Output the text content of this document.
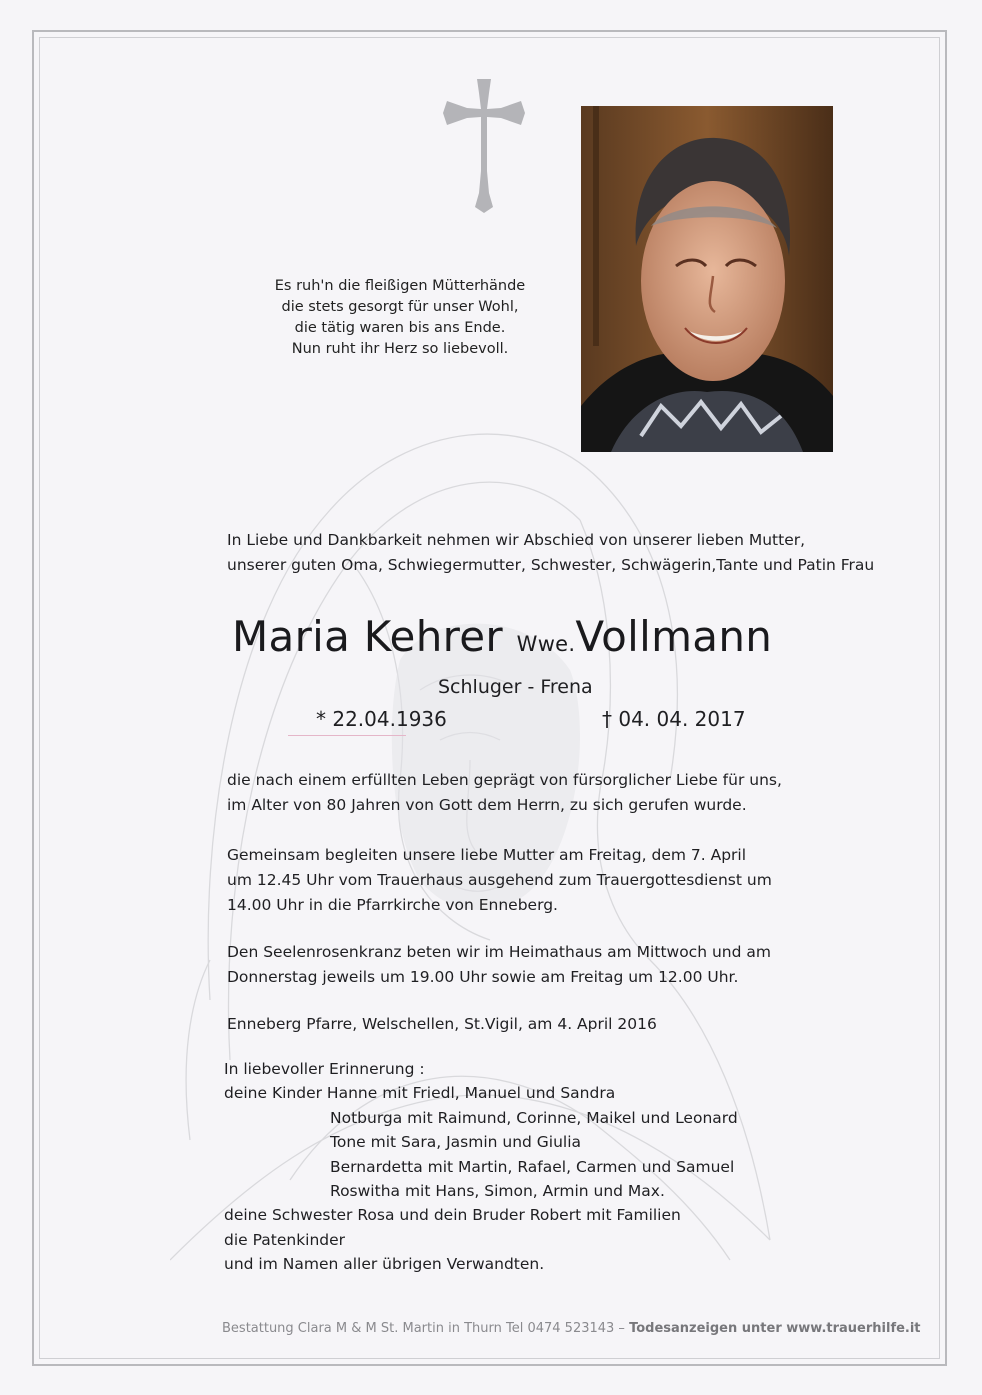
Es ruh'n die fleißigen Mütterhände
die stets gesorgt für unser Wohl,
die tätig waren bis ans Ende.
Nun ruht ihr Herz so liebevoll.
In Liebe und Dankbarkeit nehmen wir Abschied von unserer lieben Mutter,
unserer guten Oma, Schwiegermutter, Schwester, Schwägerin,Tante und Patin Frau
Maria Kehrer Wwe.Vollmann
Schluger - Frena
* 22.04.1936	† 04. 04. 2017
die nach einem erfüllten Leben geprägt von fürsorglicher Liebe für uns,
im Alter von 80 Jahren von Gott dem Herrn, zu sich gerufen wurde.
Gemeinsam begleiten unsere liebe Mutter am Freitag, dem 7. April
um 12.45 Uhr vom Trauerhaus ausgehend zum Trauergottesdienst um
14.00 Uhr in die Pfarrkirche von Enneberg.
Den Seelenrosenkranz beten wir im Heimathaus am Mittwoch und am
Donnerstag jeweils um 19.00 Uhr sowie am Freitag um 12.00 Uhr.
Enneberg Pfarre, Welschellen, St.Vigil, am 4. April 2016
In liebevoller Erinnerung :
deine Kinder Hanne mit Friedl, Manuel und Sandra
Notburga mit Raimund, Corinne, Maikel und Leonard
Tone mit Sara, Jasmin und Giulia
Bernardetta mit Martin, Rafael, Carmen und Samuel
Roswitha mit Hans, Simon, Armin und Max.
deine Schwester Rosa und dein Bruder Robert mit Familien
die Patenkinder
und im Namen aller übrigen Verwandten.
Bestattung Clara M & M St. Martin in Thurn Tel 0474 523143 – Todesanzeigen unter www.trauerhilfe.it
